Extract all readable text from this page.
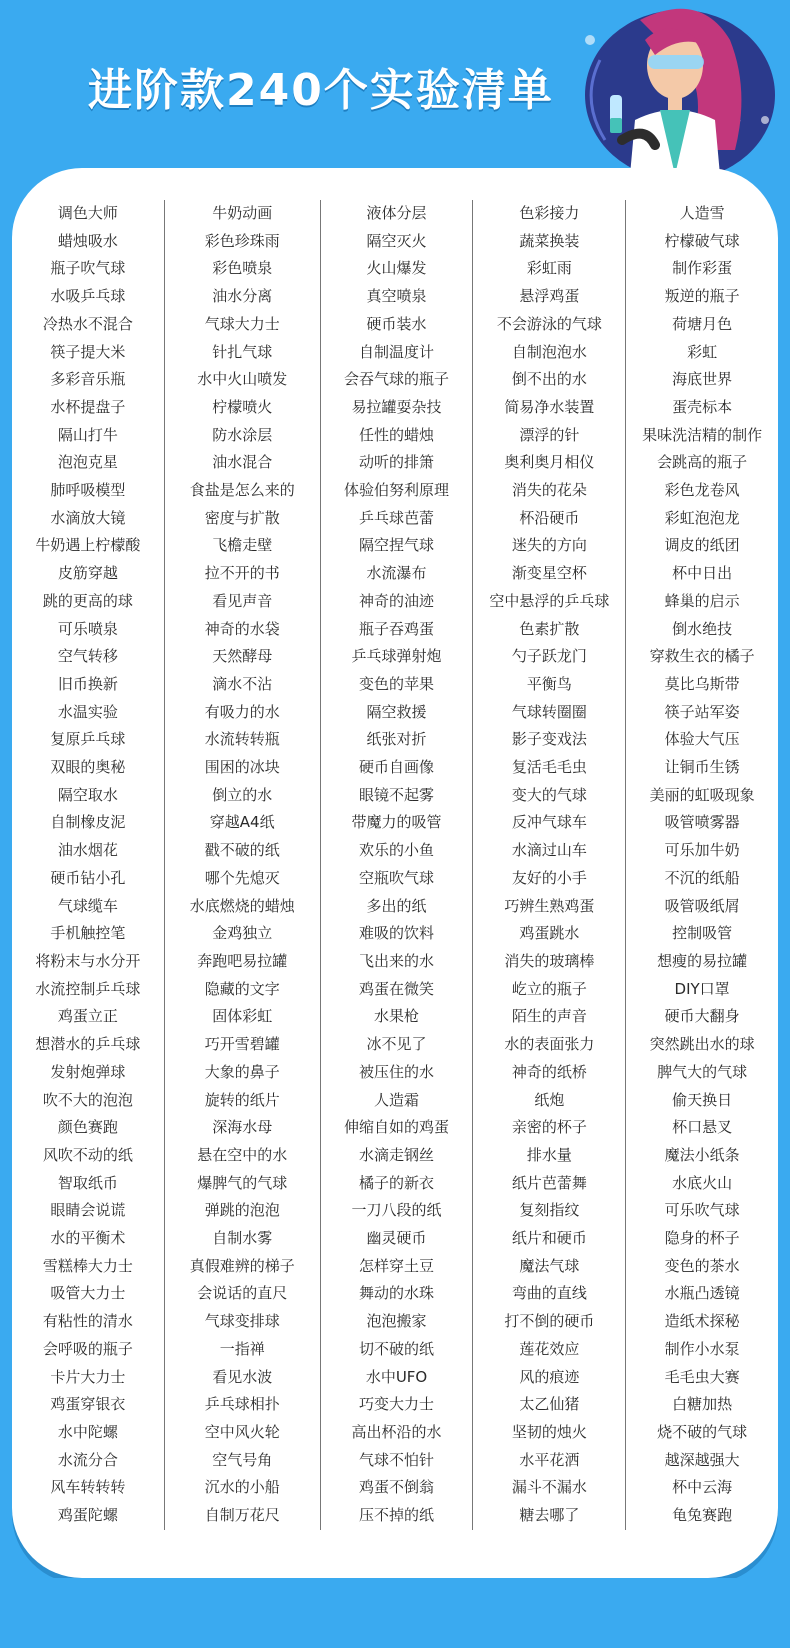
进阶款240个实验清单
调色大师
蜡烛吸水
瓶子吹气球
水吸乒乓球
冷热水不混合
筷子提大米
多彩音乐瓶
水杯提盘子
隔山打牛
泡泡克星
肺呼吸模型
水滴放大镜
牛奶遇上柠檬酸
皮筋穿越
跳的更高的球
可乐喷泉
空气转移
旧币换新
水温实验
复原乒乓球
双眼的奥秘
隔空取水
自制橡皮泥
油水烟花
硬币钻小孔
气球缆车
手机触控笔
将粉末与水分开
水流控制乒乓球
鸡蛋立正
想潜水的乒乓球
发射炮弹球
吹不大的泡泡
颜色赛跑
风吹不动的纸
智取纸币
眼睛会说谎
水的平衡术
雪糕棒大力士
吸管大力士
有粘性的清水
会呼吸的瓶子
卡片大力士
鸡蛋穿银衣
水中陀螺
水流分合
风车转转转
鸡蛋陀螺
牛奶动画
彩色珍珠雨
彩色喷泉
油水分离
气球大力士
针扎气球
水中火山喷发
柠檬喷火
防水涂层
油水混合
食盐是怎么来的
密度与扩散
飞檐走壁
拉不开的书
看见声音
神奇的水袋
天然酵母
滴水不沾
有吸力的水
水流转转瓶
围困的冰块
倒立的水
穿越A4纸
戳不破的纸
哪个先熄灭
水底燃烧的蜡烛
金鸡独立
奔跑吧易拉罐
隐藏的文字
固体彩虹
巧开雪碧罐
大象的鼻子
旋转的纸片
深海水母
悬在空中的水
爆脾气的气球
弹跳的泡泡
自制水雾
真假难辨的梯子
会说话的直尺
气球变排球
一指禅
看见水波
乒乓球相扑
空中风火轮
空气号角
沉水的小船
自制万花尺
液体分层
隔空灭火
火山爆发
真空喷泉
硬币装水
自制温度计
会吞气球的瓶子
易拉罐耍杂技
任性的蜡烛
动听的排箫
体验伯努利原理
乒乓球芭蕾
隔空捏气球
水流瀑布
神奇的油迹
瓶子吞鸡蛋
乒乓球弹射炮
变色的苹果
隔空救援
纸张对折
硬币自画像
眼镜不起雾
带魔力的吸管
欢乐的小鱼
空瓶吹气球
多出的纸
难吸的饮料
飞出来的水
鸡蛋在微笑
水果枪
冰不见了
被压住的水
人造霜
伸缩自如的鸡蛋
水滴走钢丝
橘子的新衣
一刀八段的纸
幽灵硬币
怎样穿土豆
舞动的水珠
泡泡搬家
切不破的纸
水中UFO
巧变大力士
高出杯沿的水
气球不怕针
鸡蛋不倒翁
压不掉的纸
色彩接力
蔬菜换装
彩虹雨
悬浮鸡蛋
不会游泳的气球
自制泡泡水
倒不出的水
简易净水装置
漂浮的针
奥利奥月相仪
消失的花朵
杯沿硬币
迷失的方向
渐变星空杯
空中悬浮的乒乓球
色素扩散
勺子跃龙门
平衡鸟
气球转圈圈
影子变戏法
复活毛毛虫
变大的气球
反冲气球车
水滴过山车
友好的小手
巧辨生熟鸡蛋
鸡蛋跳水
消失的玻璃棒
屹立的瓶子
陌生的声音
水的表面张力
神奇的纸桥
纸炮
亲密的杯子
排水量
纸片芭蕾舞
复刻指纹
纸片和硬币
魔法气球
弯曲的直线
打不倒的硬币
莲花效应
风的痕迹
太乙仙猪
坚韧的烛火
水平花洒
漏斗不漏水
糖去哪了
人造雪
柠檬破气球
制作彩蛋
叛逆的瓶子
荷塘月色
彩虹
海底世界
蛋壳标本
果味洗洁精的制作
会跳高的瓶子
彩色龙卷风
彩虹泡泡龙
调皮的纸团
杯中日出
蜂巢的启示
倒水绝技
穿救生衣的橘子
莫比乌斯带
筷子站军姿
体验大气压
让铜币生锈
美丽的虹吸现象
吸管喷雾器
可乐加牛奶
不沉的纸船
吸管吸纸屑
控制吸管
想瘦的易拉罐
DIY口罩
硬币大翻身
突然跳出水的球
脾气大的气球
偷天换日
杯口悬叉
魔法小纸条
水底火山
可乐吹气球
隐身的杯子
变色的茶水
水瓶凸透镜
造纸术探秘
制作小水泵
毛毛虫大赛
白糖加热
烧不破的气球
越深越强大
杯中云海
龟兔赛跑
